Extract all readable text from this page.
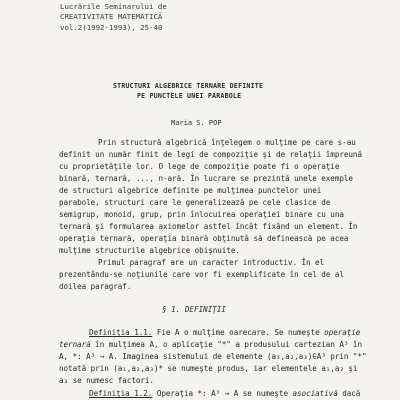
Lucrările Seminarului de
CREATIVITATE MATEMATICĂ
vol.2(1992-1993), 25-40
STRUCTURI ALGEBRICE TERNARE DEFINITE
PE PUNCTELE UNEI PARABOLE
Maria S. POP
Prin structură algebrică înţelegem o mulţime pe care s-au
definit un număr finit de legi de compoziţie şi de relaţii împreună
cu proprietăţile lor. O lege de compoziţie poate fi o operaţie
binară, ternară, ..., n-ară. În lucrare se prezintă unele exemple
de structuri algebrice definite pe mulţimea punctelor unei
parabole, structuri care le generalizează pe cele clasice de
semigrup, monoid, grup, prin înlocuirea operaţiei binare cu una
ternară şi formularea axiomelor astfel încât fixând un element. În
operaţia ternară, operaţia binară obţinută să definească pe acea
mulţime structurile algebrice obişnuite.
Primul paragraf are un caracter introductiv. În el
prezentându-se noţiunile care vor fi exemplificate în cel de al
doilea paragraf.
§ 1. DEFINIŢII
Definiţia 1.1. Fie A o mulţime oarecare. Se numeşte operaţie
ternară în mulţimea A, o aplicaţie "*" a produsului cartezian A³ în
A, *: A³ → A. Imaginea sistemului de elemente (a₁,a₂,a₃)∈A³ prin "*"
notată prin (a₁,a₂,a₃)* se numeşte produs, iar elementele a₁,a₂ şi
a₃ se numesc factori.
Definiţia 1.2. Operaţia *: A³ → A se numeşte asociativă dacă
